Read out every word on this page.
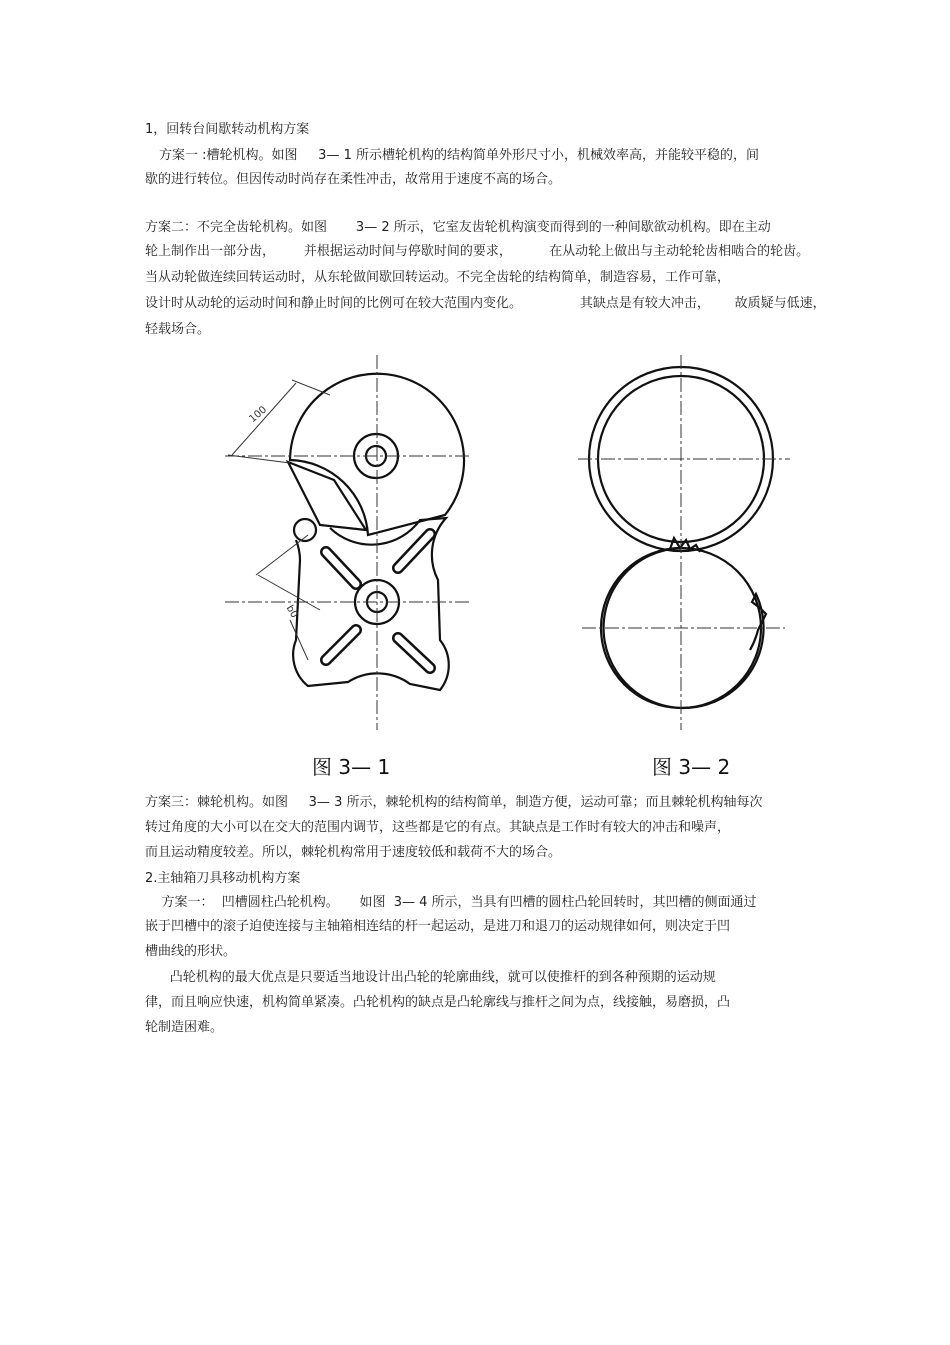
1，回转台间歇转动机构方案
方案一 :槽轮机构。如图     3— 1 所示槽轮机构的结构简单外形尺寸小，机械效率高，并能较平稳的，间
歇的进行转位。但因传动时尚存在柔性冲击，故常用于速度不高的场合。
方案二：不完全齿轮机构。如图       3— 2 所示，它室友齿轮机构演变而得到的一种间歇欲动机构。即在主动
轮上制作出一部分齿，       并根据运动时间与停歇时间的要求，         在从动轮上做出与主动轮轮齿相啮合的轮齿。
当从动轮做连续回转运动时，从东轮做间歇回转运动。不完全齿轮的结构简单，制造容易，工作可靠，
设计时从动轮的运动时间和静止时间的比例可在较大范围内变化。              其缺点是有较大冲击，      故质疑与低速，
轻载场合。
100
b0
图 3— 1	图 3— 2
方案三：棘轮机构。如图     3— 3 所示，棘轮机构的结构简单，制造方便，运动可靠；而且棘轮机构轴每次
转过角度的大小可以在交大的范围内调节，这些都是它的有点。其缺点是工作时有较大的冲击和噪声，
而且运动精度较差。所以，棘轮机构常用于速度较低和载荷不大的场合。
2.主轴箱刀具移动机构方案
方案一：  凹槽圆柱凸轮机构。     如图  3— 4 所示，当具有凹槽的圆柱凸轮回转时，其凹槽的侧面通过
嵌于凹槽中的滚子迫使连接与主轴箱相连结的杆一起运动，是进刀和退刀的运动规律如何，则决定于凹
槽曲线的形状。
凸轮机构的最大优点是只要适当地设计出凸轮的轮廓曲线，就可以使推杆的到各种预期的运动规
律，而且响应快速，机构简单紧凑。凸轮机构的缺点是凸轮廓线与推杆之间为点，线接触，易磨损，凸
轮制造困难。
